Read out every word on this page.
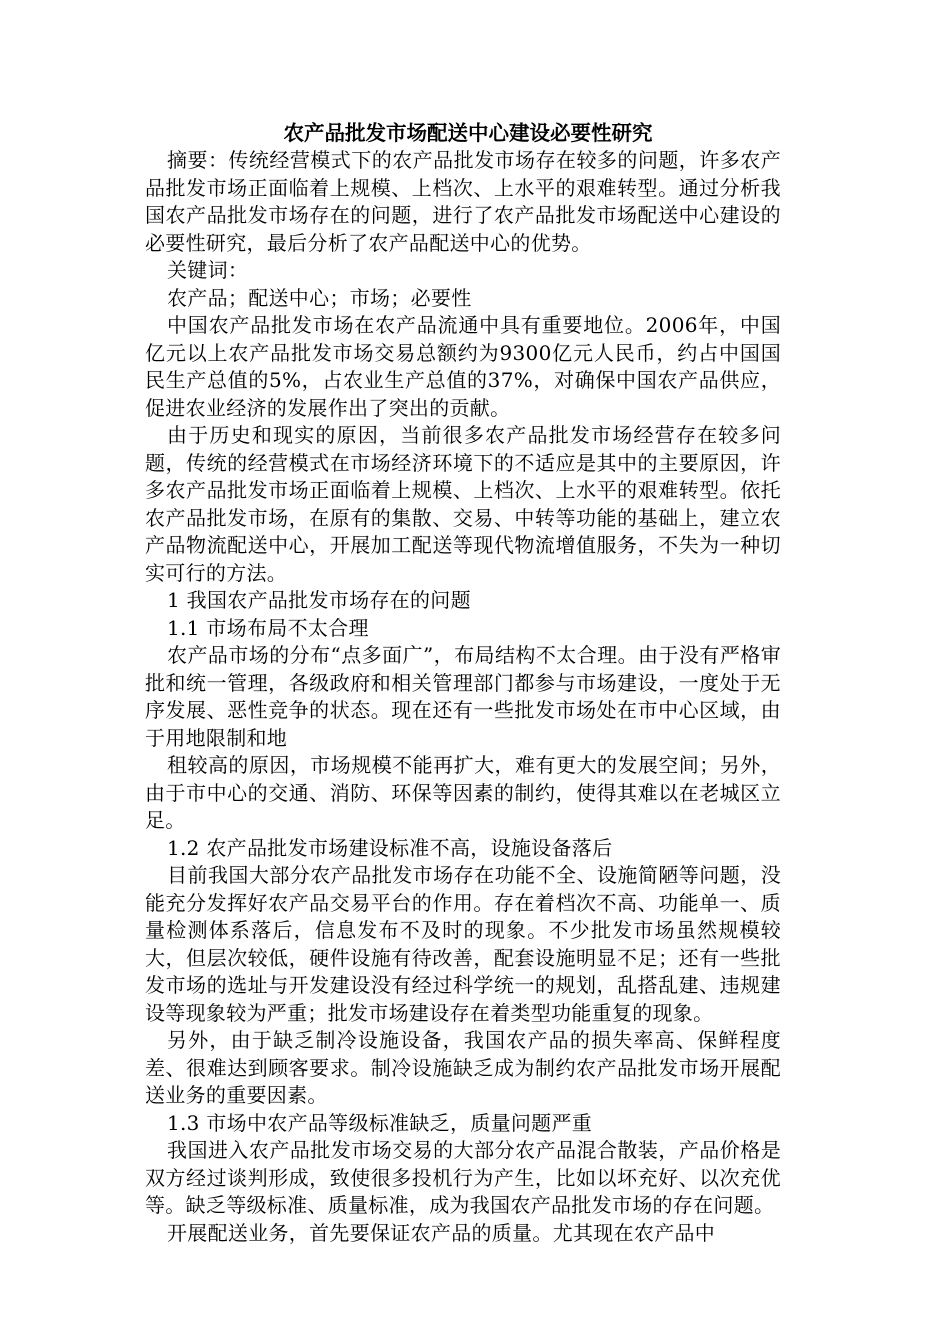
农产品批发市场配送中心建设必要性研究

摘要：传统经营模式下的农产品批发市场存在较多的问题，许多农产品批发市场正面临着上规模、上档次、上水平的艰难转型。通过分析我国农产品批发市场存在的问题，进行了农产品批发市场配送中心建设的必要性研究，最后分析了农产品配送中心的优势。

关键词：

农产品；配送中心；市场；必要性

中国农产品批发市场在农产品流通中具有重要地位。2006年，中国亿元以上农产品批发市场交易总额约为9300亿元人民币，约占中国国民生产总值的5%，占农业生产总值的37%，对确保中国农产品供应，促进农业经济的发展作出了突出的贡献。

由于历史和现实的原因，当前很多农产品批发市场经营存在较多问题，传统的经营模式在市场经济环境下的不适应是其中的主要原因，许多农产品批发市场正面临着上规模、上档次、上水平的艰难转型。依托农产品批发市场，在原有的集散、交易、中转等功能的基础上，建立农产品物流配送中心，开展加工配送等现代物流增值服务，不失为一种切实可行的方法。

1 我国农产品批发市场存在的问题

1.1 市场布局不太合理

农产品市场的分布“点多面广”，布局结构不太合理。由于没有严格审批和统一管理，各级政府和相关管理部门都参与市场建设，一度处于无序发展、恶性竞争的状态。现在还有一些批发市场处在市中心区域，由于用地限制和地

租较高的原因，市场规模不能再扩大，难有更大的发展空间；另外，由于市中心的交通、消防、环保等因素的制约，使得其难以在老城区立足。

1.2 农产品批发市场建设标准不高，设施设备落后

目前我国大部分农产品批发市场存在功能不全、设施简陋等问题，没能充分发挥好农产品交易平台的作用。存在着档次不高、功能单一、质量检测体系落后，信息发布不及时的现象。不少批发市场虽然规模较大，但层次较低，硬件设施有待改善，配套设施明显不足；还有一些批发市场的选址与开发建设没有经过科学统一的规划，乱搭乱建、违规建设等现象较为严重；批发市场建设存在着类型功能重复的现象。

另外，由于缺乏制冷设施设备，我国农产品的损失率高、保鲜程度差、很难达到顾客要求。制冷设施缺乏成为制约农产品批发市场开展配送业务的重要因素。

1.3 市场中农产品等级标准缺乏，质量问题严重

我国进入农产品批发市场交易的大部分农产品混合散装，产品价格是双方经过谈判形成，致使很多投机行为产生，比如以坏充好、以次充优等。缺乏等级标准、质量标准，成为我国农产品批发市场的存在问题。

开展配送业务，首先要保证农产品的质量。尤其现在农产品中
